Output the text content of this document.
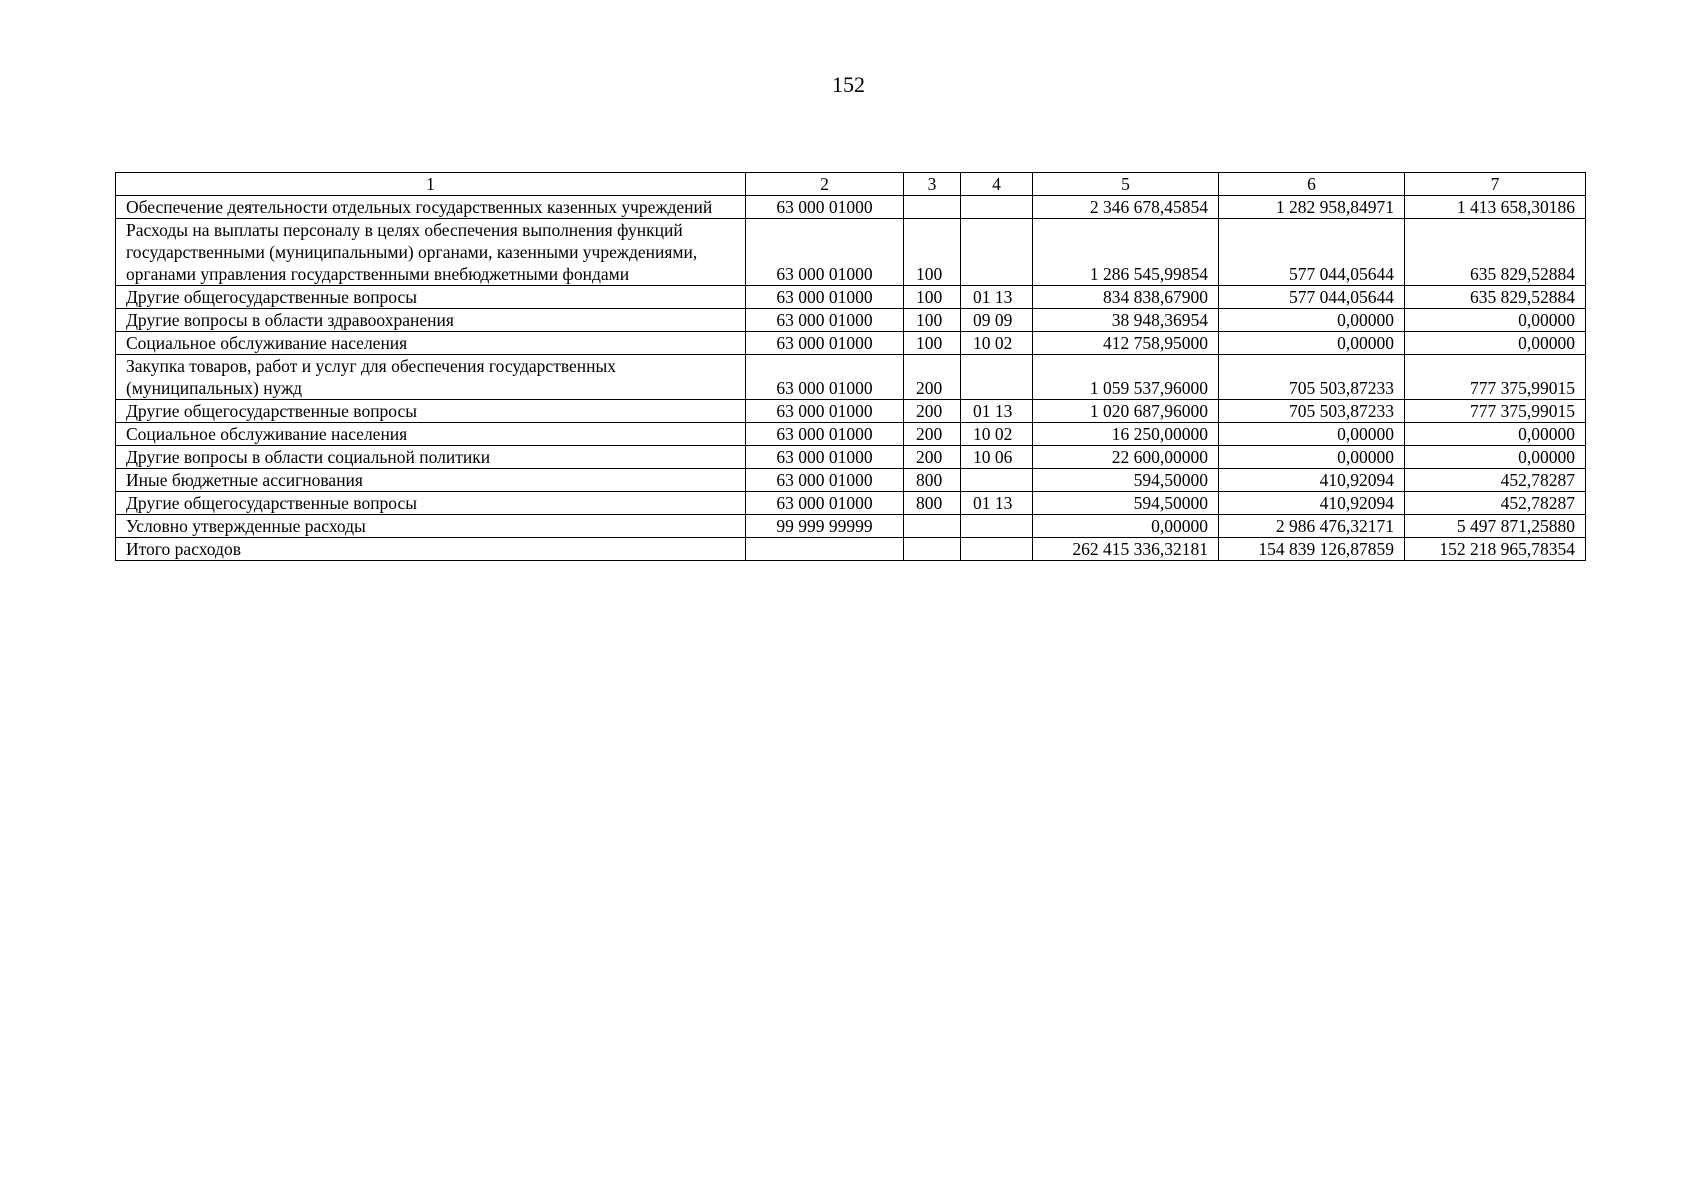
152
1	2	3	4	5	6	7
Обеспечение деятельности отдельных государственных казенных учреждений	63 000 01000			2 346 678,45854	1 282 958,84971	1 413 658,30186
Расходы на выплаты персоналу в целях обеспечения выполнения функций государственными (муниципальными) органами, казенными учреждениями, органами управления государственными внебюджетными фондами	63 000 01000	100		1 286 545,99854	577 044,05644	635 829,52884
Другие общегосударственные вопросы	63 000 01000	100	01 13	834 838,67900	577 044,05644	635 829,52884
Другие вопросы в области здравоохранения	63 000 01000	100	09 09	38 948,36954	0,00000	0,00000
Социальное обслуживание населения	63 000 01000	100	10 02	412 758,95000	0,00000	0,00000
Закупка товаров, работ и услуг для обеспечения государственных (муниципальных) нужд	63 000 01000	200		1 059 537,96000	705 503,87233	777 375,99015
Другие общегосударственные вопросы	63 000 01000	200	01 13	1 020 687,96000	705 503,87233	777 375,99015
Социальное обслуживание населения	63 000 01000	200	10 02	16 250,00000	0,00000	0,00000
Другие вопросы в области социальной политики	63 000 01000	200	10 06	22 600,00000	0,00000	0,00000
Иные бюджетные ассигнования	63 000 01000	800		594,50000	410,92094	452,78287
Другие общегосударственные вопросы	63 000 01000	800	01 13	594,50000	410,92094	452,78287
Условно утвержденные расходы	99 999 99999			0,00000	2 986 476,32171	5 497 871,25880
Итого расходов				262 415 336,32181	154 839 126,87859	152 218 965,78354
